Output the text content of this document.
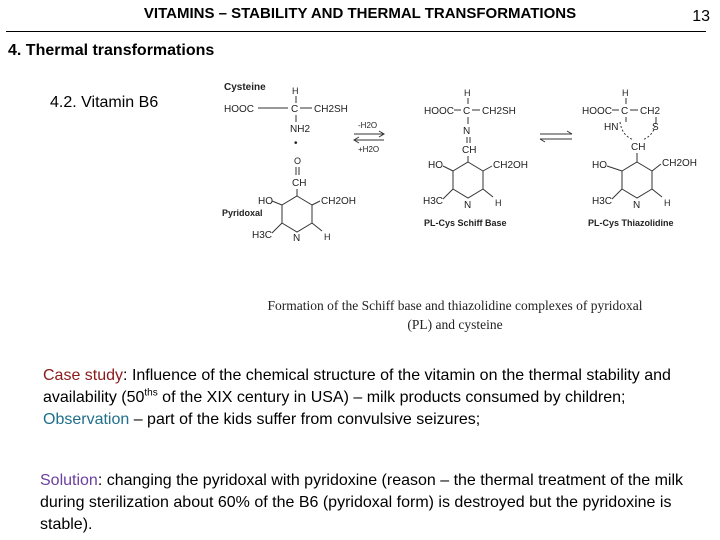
VITAMINS – STABILITY AND THERMAL TRANSFORMATIONS	13
4. Thermal transformations
4.2. Vitamin B6
Cysteine	H
HOOC	C CH2SH
NH2
•
-H2O
+H2O
O
CH
HO	CH2OH
Pyridoxal
H3C N	H
H
HOOC C CH2SH
N
CH
HO	CH2OH
H3C N	H
PL-Cys Schiff Base
H
HOOC C CH2
HN	S
CH
HO	CH2OH
H3C N	H
PL-Cys Thiazolidine
Formation of the Schiff base and thiazolidine complexes of pyridoxal
(PL) and cysteine
Case study: Influence of the chemical structure of the vitamin on the thermal stability and availability ($50^{ths}$ of the XIX century in USA) – milk products consumed by children; Observation – part of the kids suffer from convulsive seizures;
Solution: changing the pyridoxal with pyridoxine (reason – the thermal treatment of the milk during sterilization about 60% of the B6 (pyridoxal form) is destroyed but the pyridoxine is stable).
